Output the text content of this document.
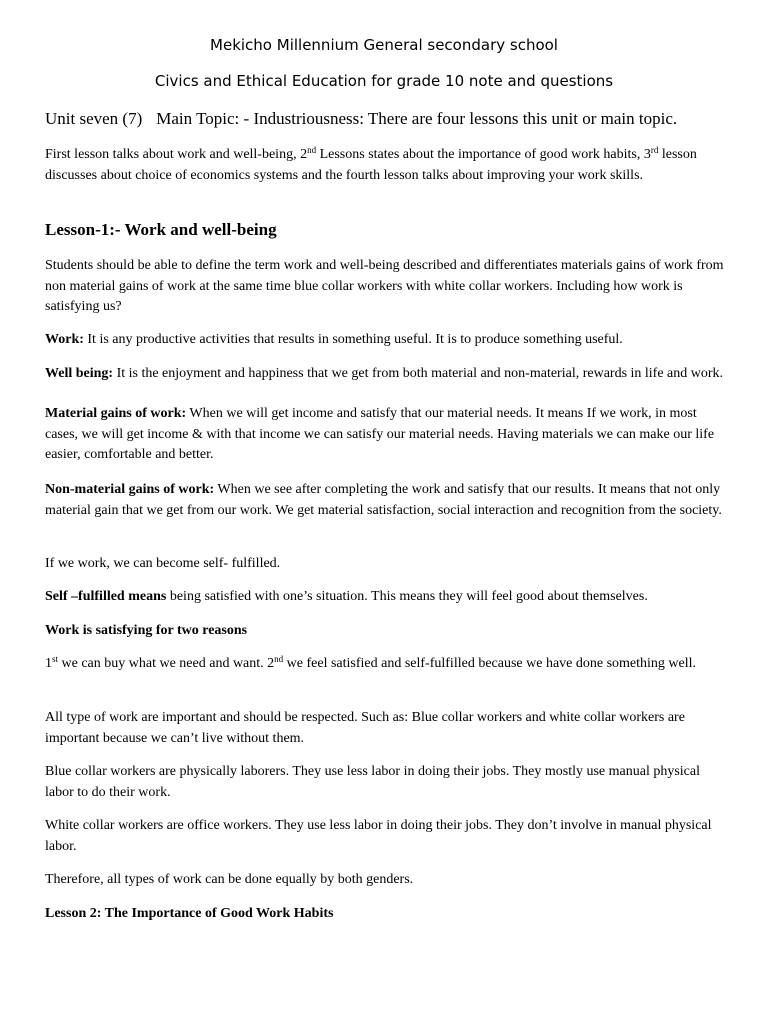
Mekicho Millennium General secondary school
Civics and Ethical Education for grade 10 note and questions
Unit seven (7) Main Topic: - Industriousness: There are four lessons this unit or main topic.
First lesson talks about work and well-being, 2nd Lessons states about the importance of good work habits, 3rd lesson discusses about choice of economics systems and the fourth lesson talks about improving your work skills.
Lesson-1:- Work and well-being
Students should be able to define the term work and well-being described and differentiates materials gains of work from non material gains of work at the same time blue collar workers with white collar workers. Including how work is satisfying us?
Work: It is any productive activities that results in something useful. It is to produce something useful.
Well being: It is the enjoyment and happiness that we get from both material and non-material, rewards in life and work.
Material gains of work: When we will get income and satisfy that our material needs. It means If we work, in most cases, we will get income & with that income we can satisfy our material needs. Having materials we can make our life easier, comfortable and better.
Non-material gains of work: When we see after completing the work and satisfy that our results. It means that not only material gain that we get from our work. We get material satisfaction, social interaction and recognition from the society.
If we work, we can become self- fulfilled.
Self –fulfilled means being satisfied with one’s situation. This means they will feel good about themselves.
Work is satisfying for two reasons
1st we can buy what we need and want. 2nd we feel satisfied and self-fulfilled because we have done something well.
All type of work are important and should be respected. Such as: Blue collar workers and white collar workers are important because we can’t live without them.
Blue collar workers are physically laborers. They use less labor in doing their jobs. They mostly use manual physical labor to do their work.
White collar workers are office workers. They use less labor in doing their jobs. They don’t involve in manual physical labor.
Therefore, all types of work can be done equally by both genders.
Lesson 2: The Importance of Good Work Habits
